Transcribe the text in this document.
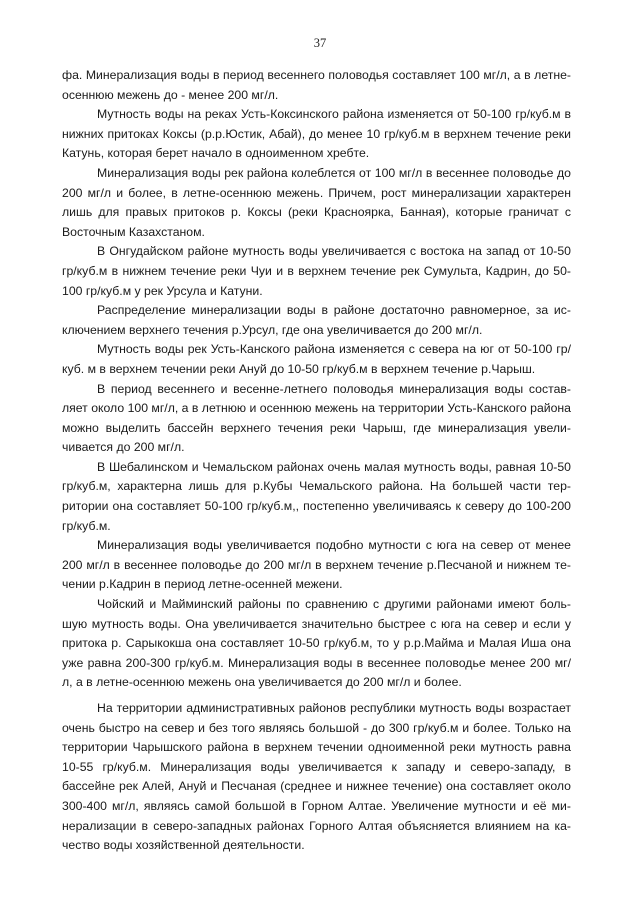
37

фа. Минерализация воды в период весеннего половодья составляет 100 мг/л, а в летне-осеннюю межень до - менее 200 мг/л.

Мутность воды на реках Усть-Коксинского района изменяется от 50-100 гр/куб.м в нижних притоках Коксы (р.р.Юстик, Абай), до менее 10 гр/куб.м в верхнем течение реки Катунь, которая берет начало в одноименном хребте.

Минерализация воды рек района колеблется от 100 мг/л в весеннее половодье до 200 мг/л и более, в летне-осеннюю межень. Причем, рост минерализации характерен лишь для правых притоков р. Коксы (реки Красноярка, Банная), которые граничат с Восточным Казахстаном.

В Онгудайском районе мутность воды увеличивается с востока на запад от 10-50 гр/куб.м в нижнем течение реки Чуи и в верхнем течение рек Сумульта, Кадрин, до 50-100 гр/куб.м у рек Урсула и Катуни.

Распределение минерализации воды в районе достаточно равномерное, за исключением верхнего течения р.Урсул, где она увеличивается до 200 мг/л.

Мутность воды рек Усть-Канского района изменяется с севера на юг от 50-100 гр/куб. м в верхнем течении реки Ануй до 10-50 гр/куб.м в верхнем течение р.Чарыш.

В период весеннего и весенне-летнего половодья минерализация воды составляет около 100 мг/л, а в летнюю и осеннюю межень на территории Усть-Канского района можно выделить бассейн верхнего течения реки Чарыш, где минерализация увеличивается до 200 мг/л.

В Шебалинском и Чемальском районах очень малая мутность воды, равная 10-50 гр/куб.м, характерна лишь для р.Кубы Чемальского района. На большей части территории она составляет 50-100 гр/куб.м,, постепенно увеличиваясь к северу до 100-200 гр/куб.м.

Минерализация воды увеличивается подобно мутности с юга на север от менее 200 мг/л в весеннее половодье до 200 мг/л в верхнем течение р.Песчаной и нижнем течении р.Кадрин в период летне-осенней межени.

Чойский и Майминский районы по сравнению с другими районами имеют большую мутность воды. Она увеличивается значительно быстрее с юга на север и если у притока р. Сарыкокша она составляет 10-50 гр/куб.м, то у р.р.Майма и Малая Иша она уже равна 200-300 гр/куб.м. Минерализация воды в весеннее половодье менее 200 мг/л, а в летне-осеннюю межень она увеличивается до 200 мг/л и более.

На территории административных районов республики мутность воды возрастает очень быстро на север и без того являясь большой - до 300 гр/куб.м и более. Только на территории Чарышского района в верхнем течении одноименной реки мутность равна 10-55 гр/куб.м. Минерализация воды увеличивается к западу и северо-западу, в бассейне рек Алей, Ануй и Песчаная (среднее и нижнее течение) она составляет около 300-400 мг/л, являясь самой большой в Горном Алтае. Увеличение мутности и её минерализации в северо-западных районах Горного Алтая объясняется влиянием на качество воды хозяйственной деятельности.
